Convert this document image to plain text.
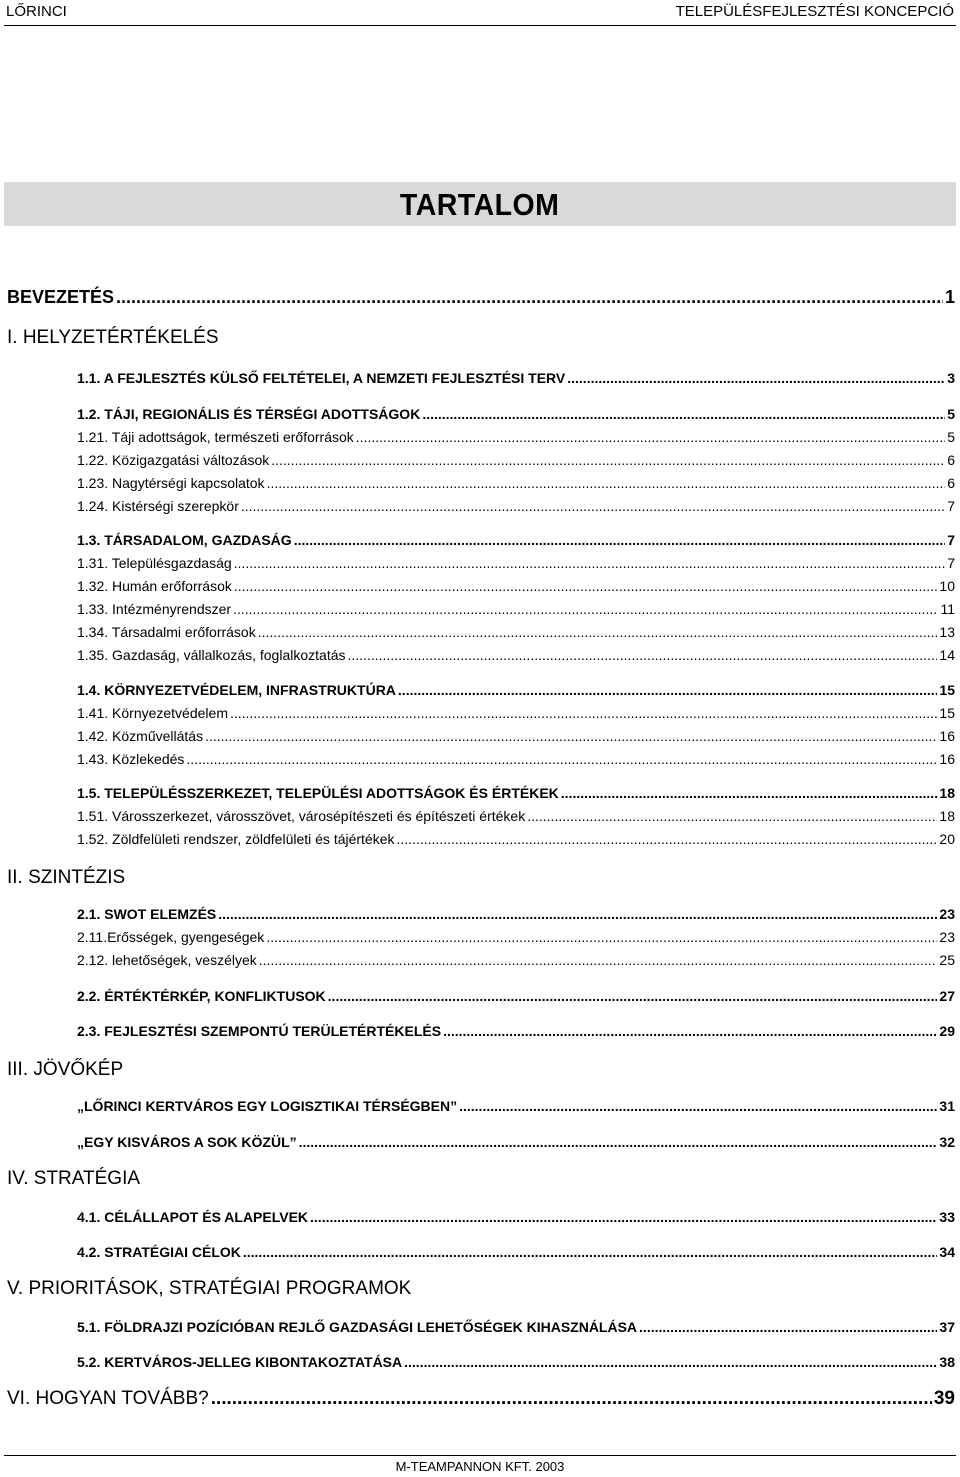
LŐRINCI	TELEPÜLÉSFEJLESZTÉSI KONCEPCIÓ
TARTALOM
BEVEZETÉS .....	1
I. HELYZETÉRTÉKELÉS
1.1. A FEJLESZTÉS KÜLSŐ FELTÉTELEI, A NEMZETI FEJLESZTÉSI TERV .....	3
1.2. TÁJI, REGIONÁLIS ÉS TÉRSÉGI ADOTTSÁGOK .....	5
1.21. Táji adottságok, természeti erőforrások .....	5
1.22. Közigazgatási változások .....	6
1.23. Nagytérségi kapcsolatok .....	6
1.24. Kistérségi szerepkör .....	7
1.3. TÁRSADALOM, GAZDASÁG .....	7
1.31. Településgazdaság .....	7
1.32. Humán erőforrások .....	10
1.33. Intézményrendszer .....	11
1.34. Társadalmi erőforrások .....	13
1.35. Gazdaság, vállalkozás, foglalkoztatás .....	14
1.4. KÖRNYEZETVÉDELEM, INFRASTRUKTÚRA .....	15
1.41. Környezetvédelem .....	15
1.42. Közművellátás .....	16
1.43. Közlekedés .....	16
1.5. TELEPÜLÉSSZERKEZET, TELEPÜLÉSI ADOTTSÁGOK ÉS ÉRTÉKEK .....	18
1.51. Városszerkezet, városszövet, városépítészeti és építészeti értékek .....	18
1.52. Zöldfelületi rendszer, zöldfelületi és tájértékek .....	20
II. SZINTÉZIS
2.1. SWOT ELEMZÉS .....	23
2.11.Erősségek, gyengeségek .....	23
2.12. lehetőségek, veszélyek .....	25
2.2. ÉRTÉKTÉRKÉP, KONFLIKTUSOK .....	27
2.3. FEJLESZTÉSI SZEMPONTÚ TERÜLETÉRTÉKELÉS .....	29
III. JÖVŐKÉP
„LŐRINCI KERTVÁROS EGY LOGISZTIKAI TÉRSÉGBEN” .....	31
„EGY KISVÁROS A SOK KÖZÜL” .....	32
IV. STRATÉGIA
4.1. CÉLÁLLAPOT ÉS ALAPELVEK .....	33
4.2. STRATÉGIAI CÉLOK .....	34
V. PRIORITÁSOK, STRATÉGIAI PROGRAMOK
5.1. FÖLDRAJZI POZÍCIÓBAN REJLŐ GAZDASÁGI LEHETŐSÉGEK KIHASZNÁLÁSA .....	37
5.2. KERTVÁROS-JELLEG KIBONTAKOZTATÁSA .....	38
VI. HOGYAN TOVÁBB? .....	39
M-TEAMPANNON KFT. 2003
